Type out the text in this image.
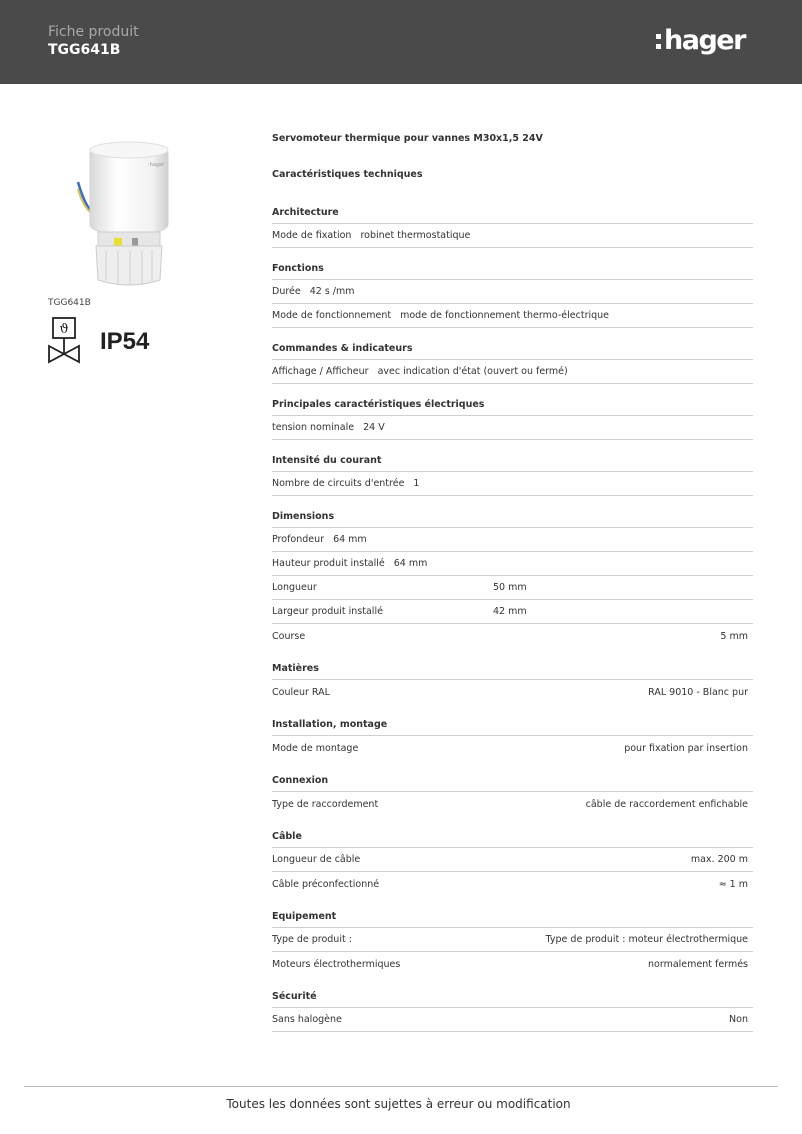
Fiche produit
TGG641B	hager
:hager
TGG641B
ϑ IP54
Servomoteur thermique pour vannes M30x1,5 24V
Caractéristiques techniques
Architecture
Mode de fixation robinet thermostatique
Fonctions
Durée 42 s /mm
Mode de fonctionnement mode de fonctionnement thermo-électrique
Commandes & indicateurs
Affichage / Afficheur avec indication d'état (ouvert ou fermé)
Principales caractéristiques électriques
tension nominale 24 V
Intensité du courant
Nombre de circuits d'entrée 1
Dimensions
Profondeur 64 mm
Hauteur produit installé 64 mm
Longueur	50 mm
Largeur produit installé	42 mm
Course	5 mm
Matières
Couleur RAL	RAL 9010 - Blanc pur
Installation, montage
Mode de montage	pour fixation par insertion
Connexion
Type de raccordement	câble de raccordement enfichable
Câble
Longueur de câble	max. 200 m
Câble préconfectionné	≈ 1 m
Equipement
Type de produit :	Type de produit : moteur électrothermique
Moteurs électrothermiques	normalement fermés
Sécurité
Sans halogène	Non
Toutes les données sont sujettes à erreur ou modification
